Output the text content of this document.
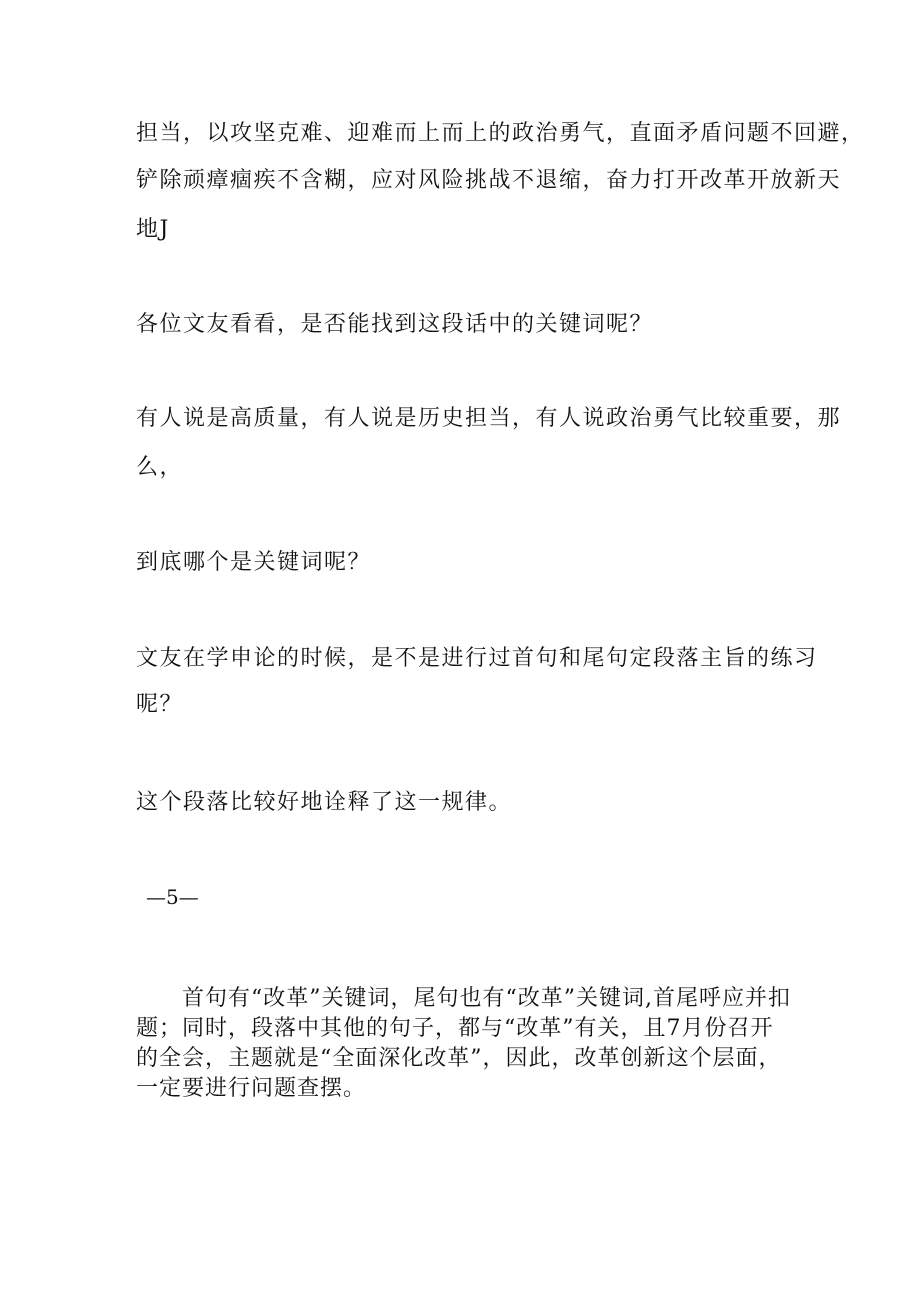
担当，以攻坚克难、迎难而上而上的政治勇气，直面矛盾问题不回避，
铲除顽瘴痼疾不含糊，应对风险挑战不退缩，奋力打开改革开放新天
地J
各位文友看看，是否能找到这段话中的关键词呢？
有人说是高质量，有人说是历史担当，有人说政治勇气比较重要，那
么，
到底哪个是关键词呢？
文友在学申论的时候，是不是进行过首句和尾句定段落主旨的练习
呢？
这个段落比较好地诠释了这一规律。
—5—

首句有“改革”关键词，尾句也有“改革”关键词,首尾呼应并扣题；同时，段落中其他的句子，都与“改革”有关，且7月份召开的全会，主题就是“全面深化改革”，因此，改革创新这个层面，一定要进行问题查摆。
